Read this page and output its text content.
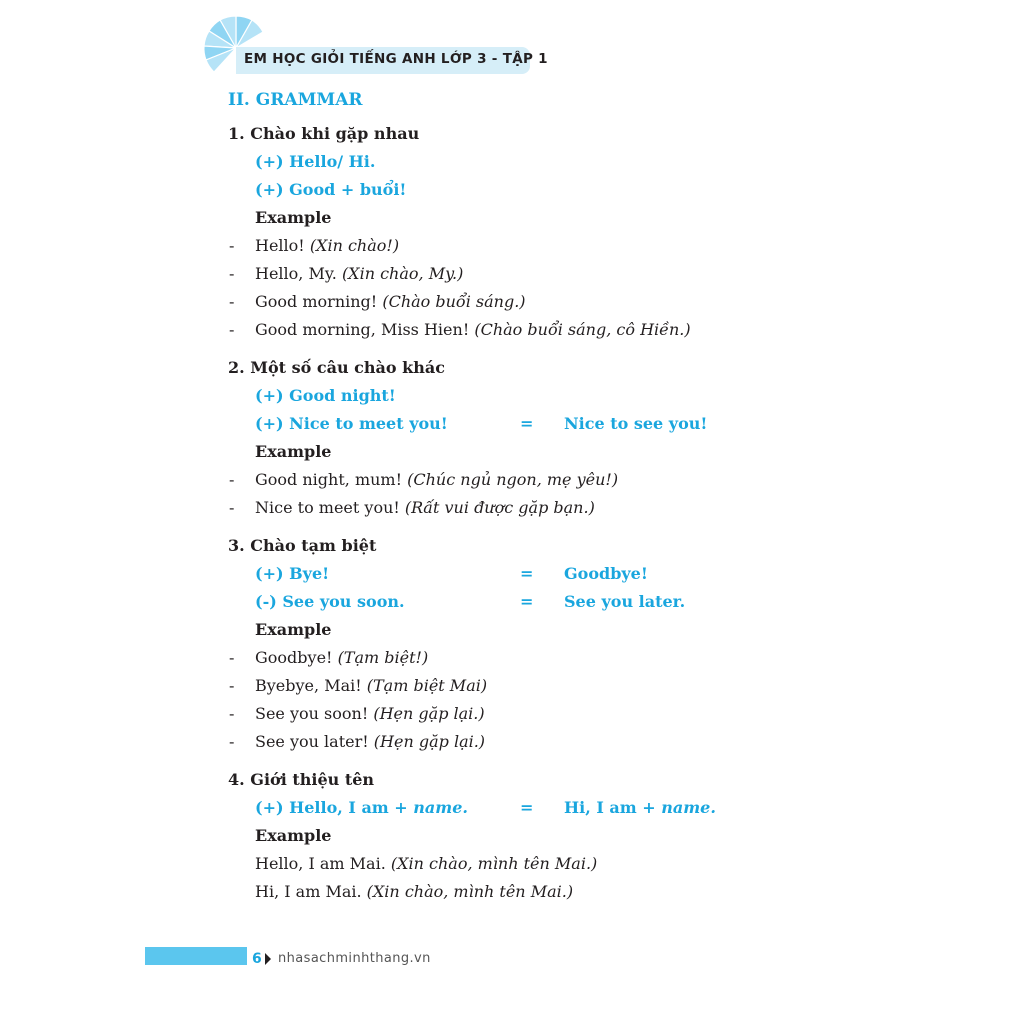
EM HỌC GIỎI TIẾNG ANH LỚP 3 - TẬP 1
II. GRAMMAR
1. Chào khi gặp nhau
(+) Hello/ Hi.
(+) Good + buổi!
Example
- Hello! (Xin chào!)
- Hello, My. (Xin chào, My.)
- Good morning! (Chào buổi sáng.)
- Good morning, Miss Hien! (Chào buổi sáng, cô Hiền.)
2. Một số câu chào khác
(+) Good night!
(+) Nice to meet you!	= Nice to see you!
Example
- Good night, mum! (Chúc ngủ ngon, mẹ yêu!)
- Nice to meet you! (Rất vui được gặp bạn.)
3. Chào tạm biệt
(+) Bye!	= Goodbye!
(-) See you soon.	= See you later.
Example
- Goodbye! (Tạm biệt!)
- Byebye, Mai! (Tạm biệt Mai)
- See you soon! (Hẹn gặp lại.)
- See you later! (Hẹn gặp lại.)
4. Giới thiệu tên
(+) Hello, I am + name.	= Hi, I am + name.
Example
Hello, I am Mai. (Xin chào, mình tên Mai.)
Hi, I am Mai. (Xin chào, mình tên Mai.)
6 nhasachminhthang.vn
